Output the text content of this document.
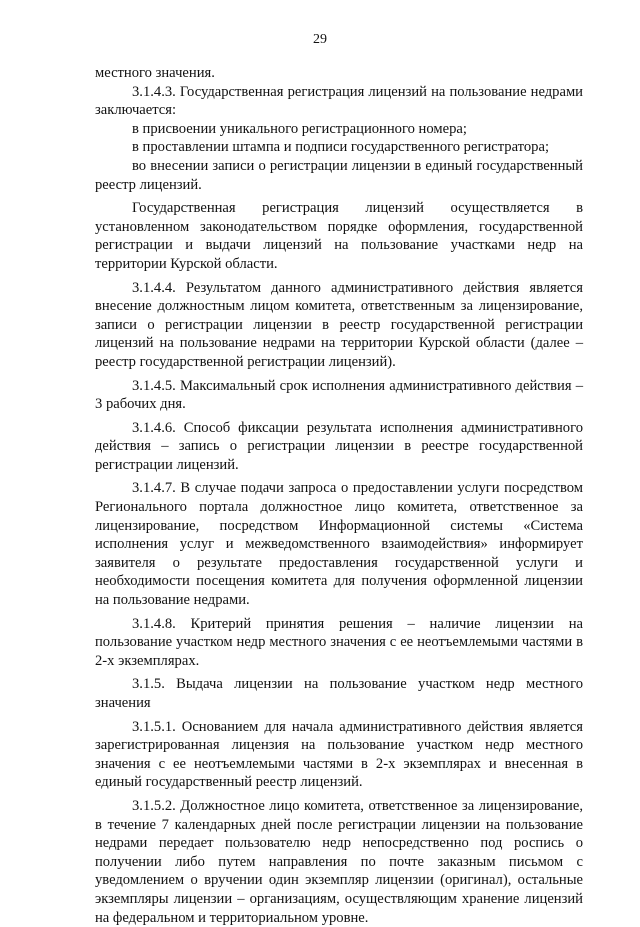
29

местного значения.

3.1.4.3. Государственная регистрация лицензий на пользование недрами заключается:

в присвоении уникального регистрационного номера;

в проставлении штампа и подписи государственного регистратора;

во внесении записи о регистрации лицензии в единый государственный реестр лицензий.

Государственная регистрация лицензий осуществляется в установленном законодательством порядке оформления, государственной регистрации и выдачи лицензий на пользование участками недр на территории Курской области.

3.1.4.4. Результатом данного административного действия является внесение должностным лицом комитета, ответственным за лицензирование, записи о регистрации лицензии в реестр государственной регистрации лицензий на пользование недрами на территории Курской области (далее – реестр государственной регистрации лицензий).

3.1.4.5. Максимальный срок исполнения административного действия – 3 рабочих дня.

3.1.4.6. Способ фиксации результата исполнения административного действия – запись о регистрации лицензии в реестре государственной регистрации лицензий.

3.1.4.7. В случае подачи запроса о предоставлении услуги посредством Регионального портала должностное лицо комитета, ответственное за лицензирование, посредством Информационной системы «Система исполнения услуг и межведомственного взаимодействия» информирует заявителя о результате предоставления государственной услуги и необходимости посещения комитета для получения оформленной лицензии на пользование недрами.

3.1.4.8. Критерий принятия решения – наличие лицензии на пользование участком недр местного значения с ее неотъемлемыми частями в 2-х экземплярах.

3.1.5. Выдача лицензии на пользование участком недр местного значения

3.1.5.1. Основанием для начала административного действия является зарегистрированная лицензия на пользование участком недр местного значения с ее неотъемлемыми частями в 2-х экземплярах и внесенная в единый государственный реестр лицензий.

3.1.5.2. Должностное лицо комитета, ответственное за лицензирование, в течение 7 календарных дней после регистрации лицензии на пользование недрами передает пользователю недр непосредственно под роспись о получении либо путем направления по почте заказным письмом с уведомлением о вручении один экземпляр лицензии (оригинал), остальные экземпляры лицензии – организациям, осуществляющим хранение лицензий на федеральном и территориальном уровне.
